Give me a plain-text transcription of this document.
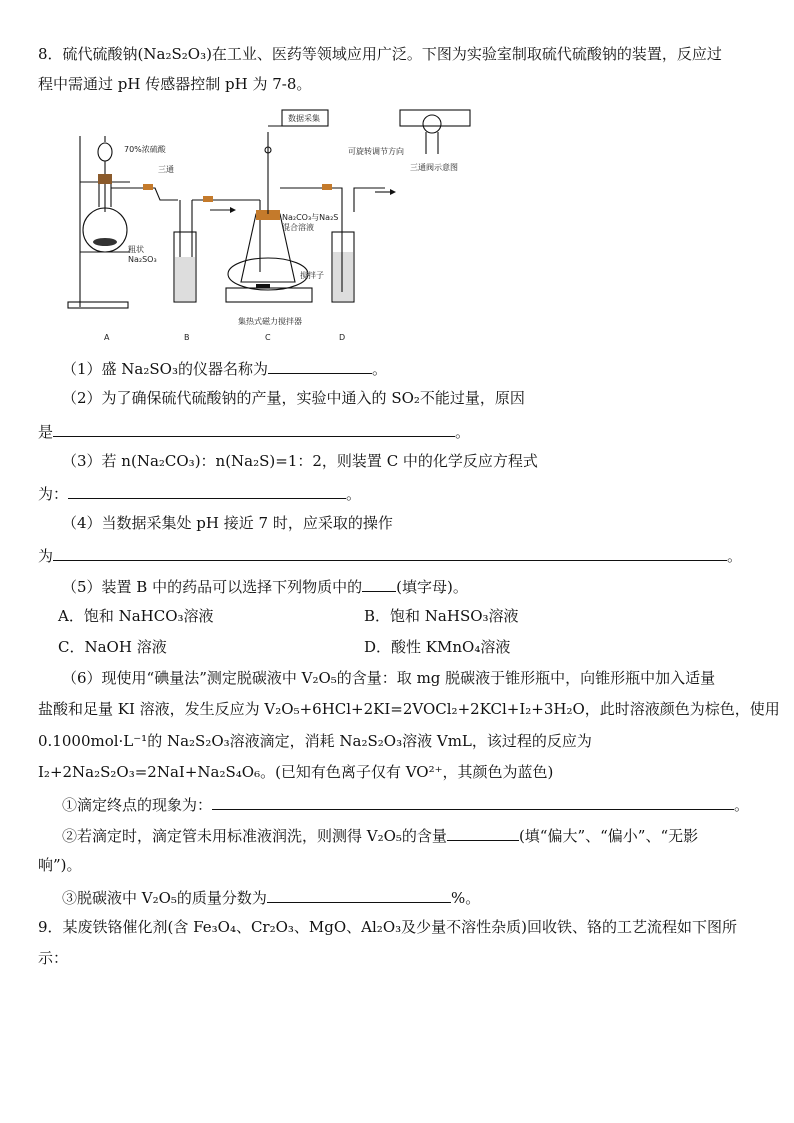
8．硫代硫酸钠(Na₂S₂O₃)在工业、医药等领域应用广泛。下图为实验室制取硫代硫酸钠的装置，反应过
程中需通过 pH 传感器控制 pH 为 7-8。
数据采集
70%浓硫酸
三通
粗状
Na₂SO₃
Na₂CO₃与Na₂S
混合溶液
搅拌子
集热式磁力搅拌器
可旋转调节方向
三通阀示意图
A	B	C	D
（1）盛 Na₂SO₃的仪器名称为	。
（2）为了确保硫代硫酸钠的产量，实验中通入的 SO₂不能过量，原因
是	。
（3）若 n(Na₂CO₃)：n(Na₂S)=1：2，则装置 C 中的化学反应方程式
为：	。
（4）当数据采集处 pH 接近 7 时，应采取的操作
为	。
（5）装置 B 中的药品可以选择下列物质中的 (填字母)。
A．饱和 NaHCO₃溶液	B．饱和 NaHSO₃溶液
C．NaOH 溶液	D．酸性 KMnO₄溶液
（6）现使用“碘量法”测定脱碳液中 V₂O₅的含量：取 mg 脱碳液于锥形瓶中，向锥形瓶中加入适量
盐酸和足量 KI 溶液，发生反应为 V₂O₅+6HCl+2KI=2VOCl₂+2KCl+I₂+3H₂O，此时溶液颜色为棕色，使用
0.1000mol·L⁻¹的 Na₂S₂O₃溶液滴定，消耗 Na₂S₂O₃溶液 VmL，该过程的反应为
I₂+2Na₂S₂O₃=2NaI+Na₂S₄O₆。(已知有色离子仅有 VO²⁺，其颜色为蓝色)
①滴定终点的现象为：	。
②若滴定时，滴定管未用标准液润洗，则测得 V₂O₅的含量	(填“偏大”、“偏小”、“无影
响”)。
③脱碳液中 V₂O₅的质量分数为	%。
9．某废铁铬催化剂(含 Fe₃O₄、Cr₂O₃、MgO、Al₂O₃及少量不溶性杂质)回收铁、铬的工艺流程如下图所
示：
